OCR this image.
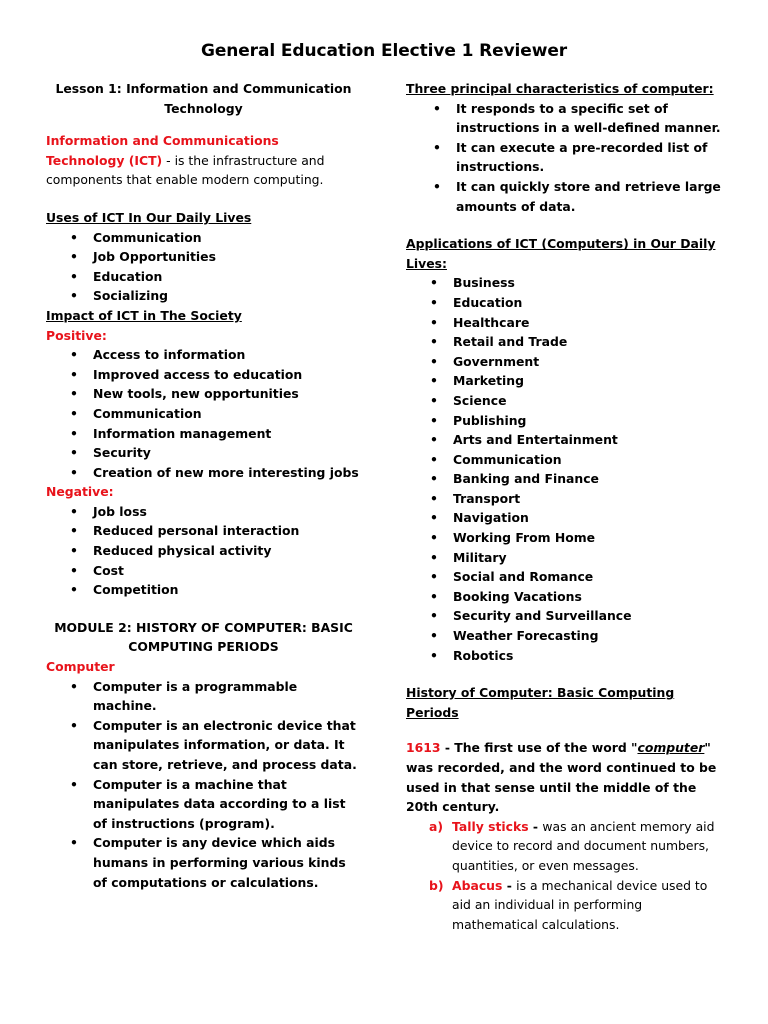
General Education Elective 1 Reviewer
Lesson 1: Information and Communication Technology
Information and Communications Technology (ICT) - is the infrastructure and components that enable modern computing.
Uses of ICT In Our Daily Lives
• Communication
• Job Opportunities
• Education
• Socializing
Impact of ICT in The Society
Positive:
• Access to information
• Improved access to education
• New tools, new opportunities
• Communication
• Information management
• Security
• Creation of new more interesting jobs
Negative:
• Job loss
• Reduced personal interaction
• Reduced physical activity
• Cost
• Competition
MODULE 2: HISTORY OF COMPUTER: BASIC COMPUTING PERIODS
Computer
• Computer is a programmable machine.
• Computer is an electronic device that manipulates information, or data. It can store, retrieve, and process data.
• Computer is a machine that manipulates data according to a list of instructions (program).
• Computer is any device which aids humans in performing various kinds of computations or calculations.
Three principal characteristics of computer:
• It responds to a specific set of instructions in a well-defined manner.
• It can execute a pre-recorded list of instructions.
• It can quickly store and retrieve large amounts of data.
Applications of ICT (Computers) in Our Daily Lives:
• Business
• Education
• Healthcare
• Retail and Trade
• Government
• Marketing
• Science
• Publishing
• Arts and Entertainment
• Communication
• Banking and Finance
• Transport
• Navigation
• Working From Home
• Military
• Social and Romance
• Booking Vacations
• Security and Surveillance
• Weather Forecasting
• Robotics
History of Computer: Basic Computing Periods
1613 - The first use of the word "computer" was recorded, and the word continued to be used in that sense until the middle of the 20th century.
a) Tally sticks - was an ancient memory aid device to record and document numbers, quantities, or even messages.
b) Abacus - is a mechanical device used to aid an individual in performing mathematical calculations.
